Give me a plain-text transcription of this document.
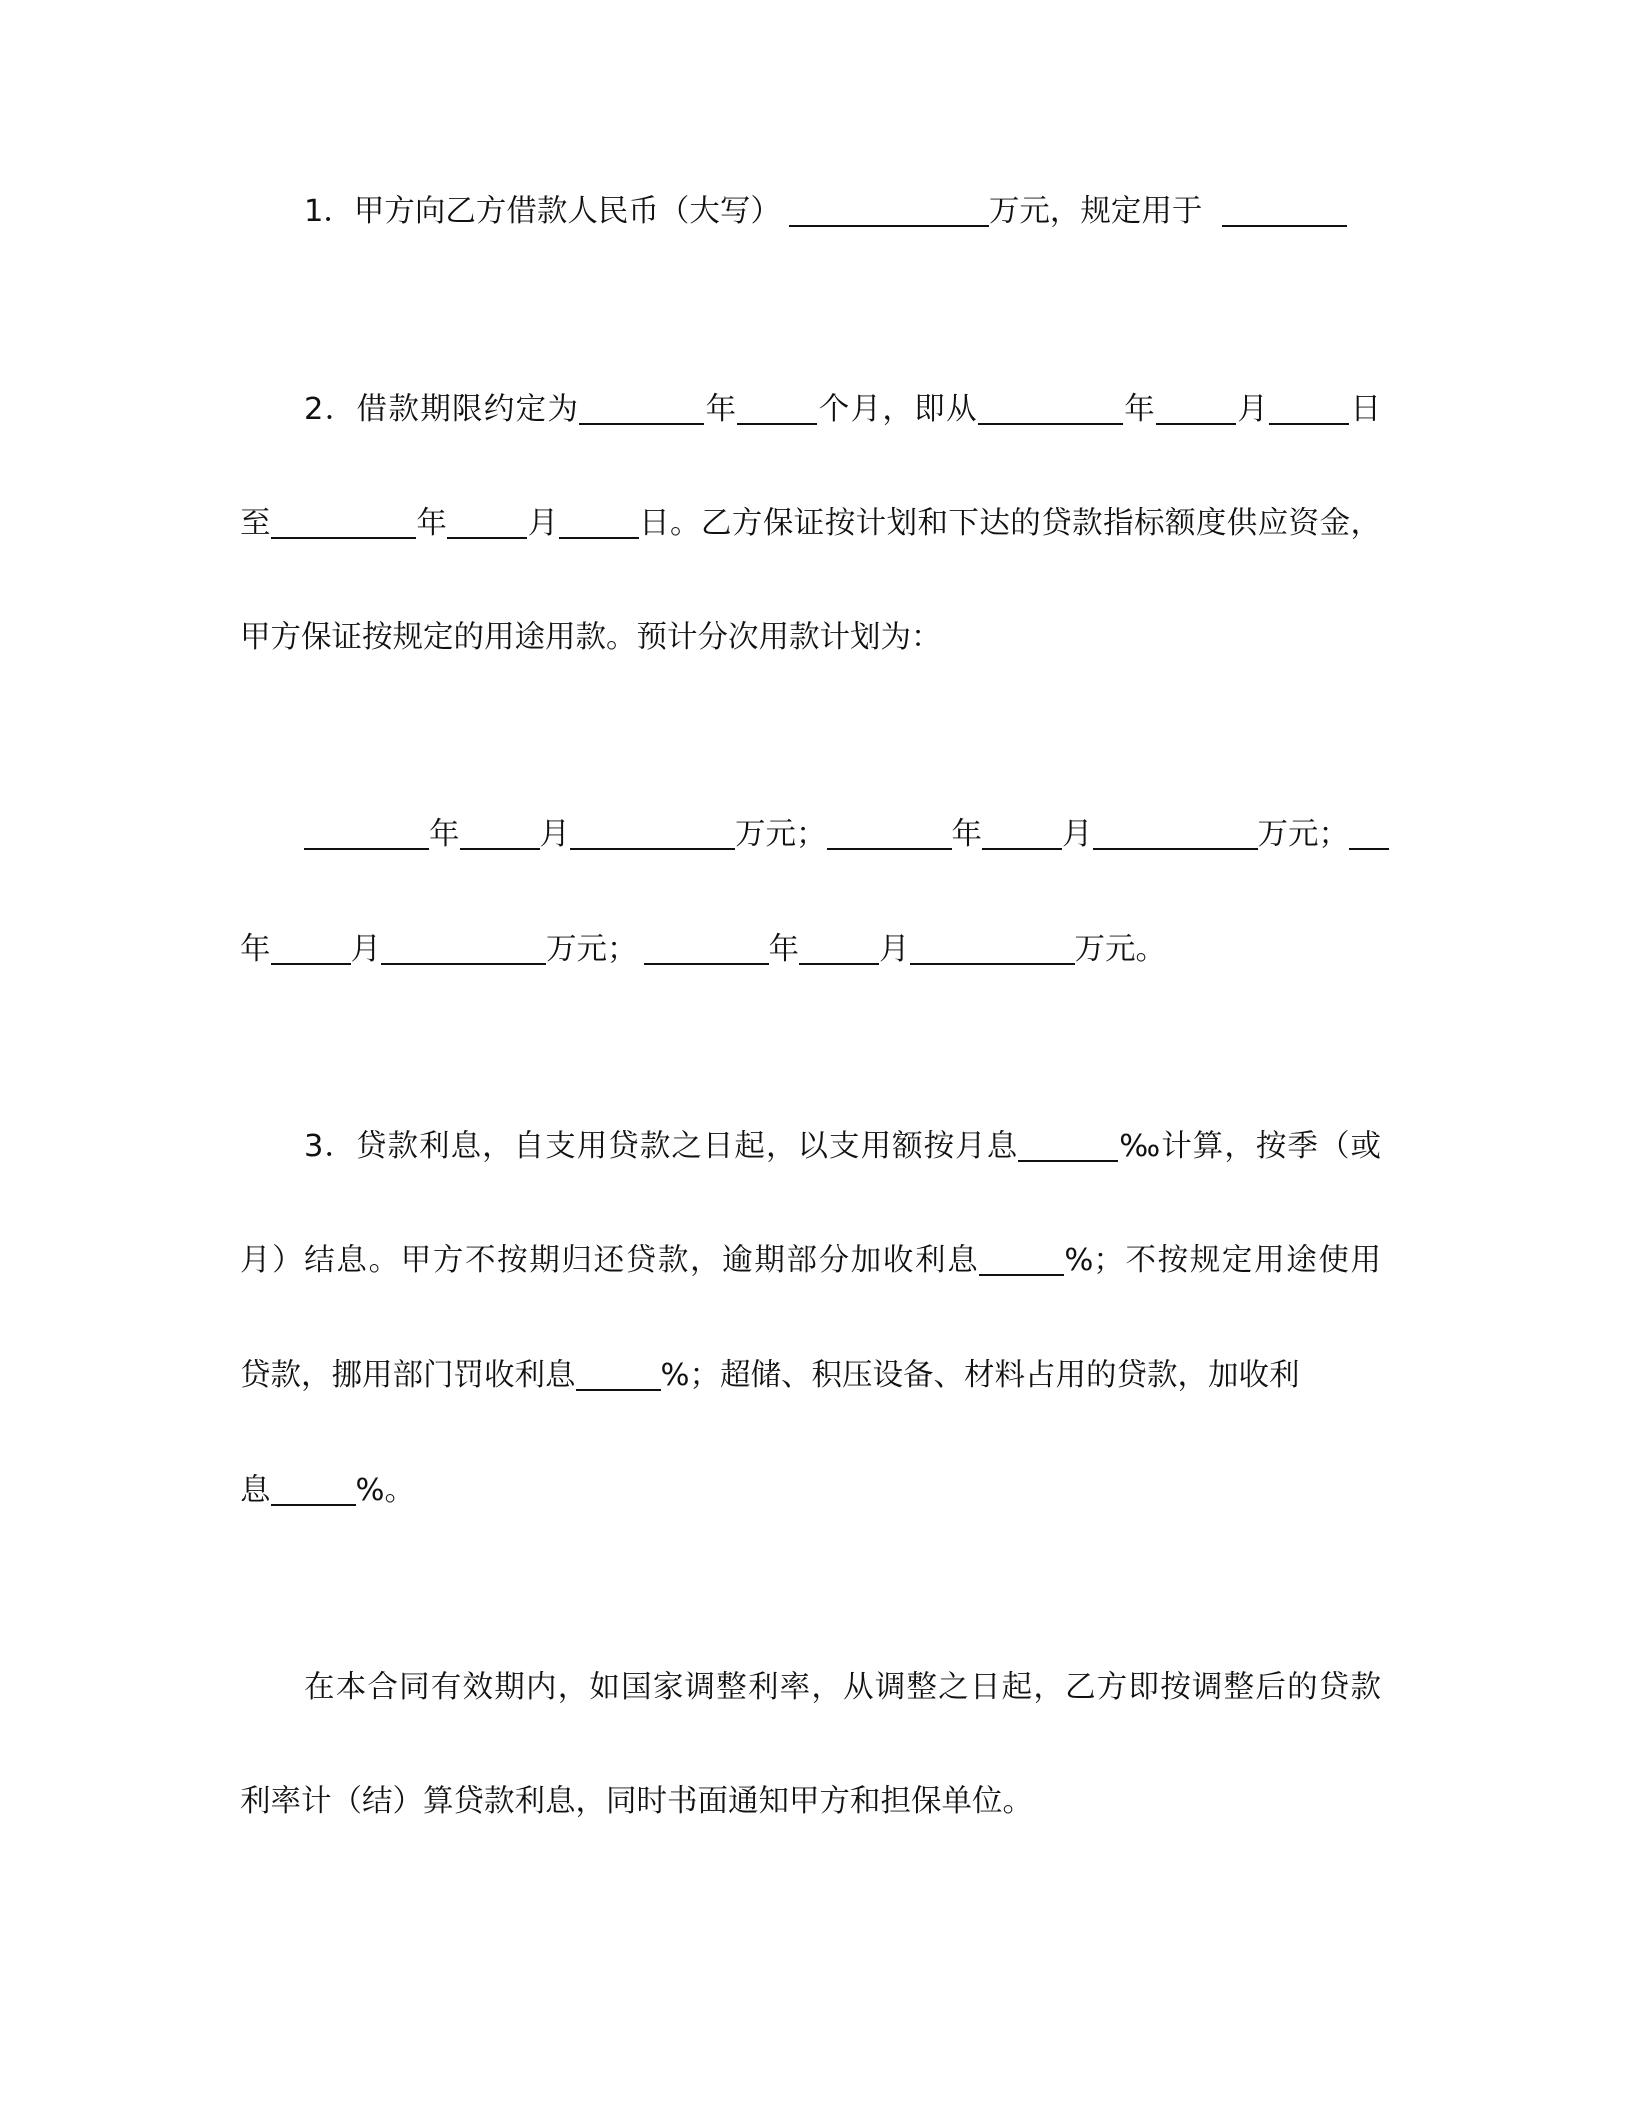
1．甲方向乙方借款人民币（大写）	万元，规定用于
2．借款期限约定为	年	个月，即从	年	月	日
至	年	月	日。乙方保证按计划和下达的贷款指标额度供应资金，
甲方保证按规定的用途用款。预计分次用款计划为：
年	月	万元；	年	月	万元；
年	月	万元；	年	月	万元。
3．贷款利息，自支用贷款之日起，以支用额按月息	‰计算，按季（或
月）结息。甲方不按期归还贷款，逾期部分加收利息	%；不按规定用途使用
贷款，挪用部门罚收利息	%；超储、积压设备、材料占用的贷款，加收利
息	%。
在本合同有效期内，如国家调整利率，从调整之日起，乙方即按调整后的贷款
利率计（结）算贷款利息，同时书面通知甲方和担保单位。
